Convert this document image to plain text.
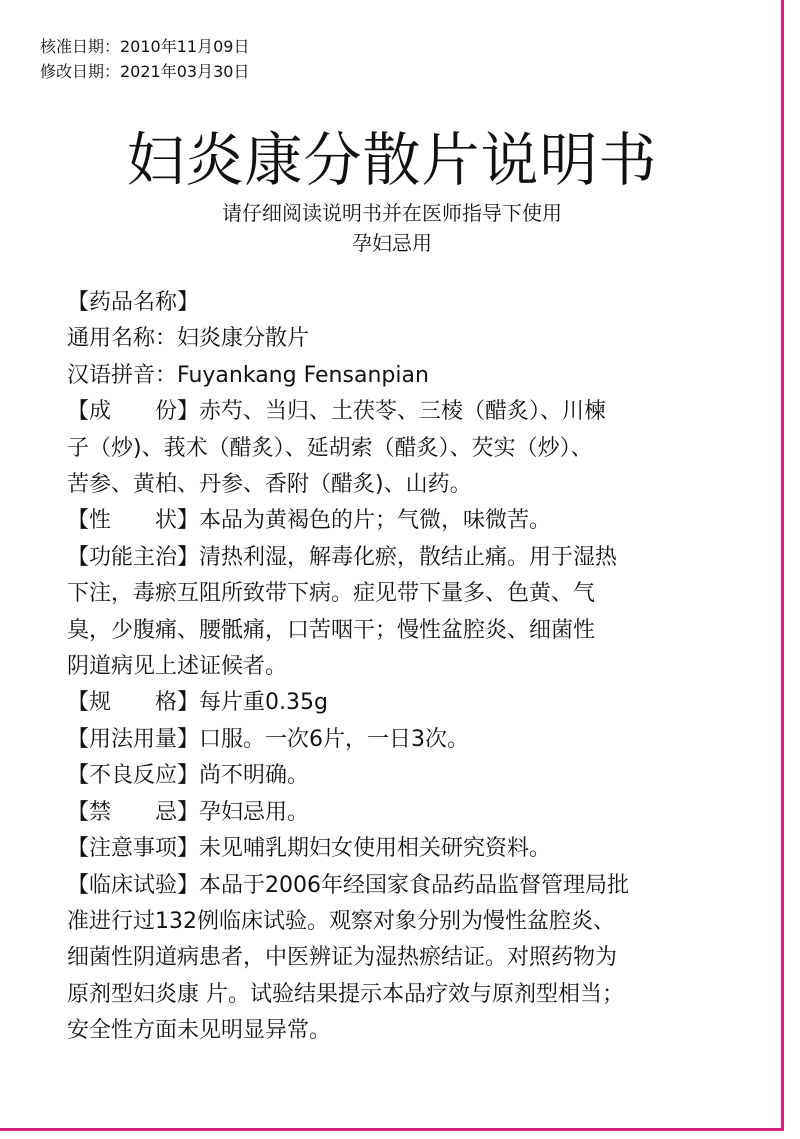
核准日期：2010年11月09日
修改日期：2021年03月30日
妇炎康分散片说明书
请仔细阅读说明书并在医师指导下使用
孕妇忌用
【药品名称】
通用名称：妇炎康分散片
汉语拼音：Fuyankang Fensanpian
【成　　份】赤芍、当归、土茯苓、三棱（醋炙）、川楝
子（炒)、莪术（醋炙）、延胡索（醋炙）、芡实（炒）、
苦参、黄柏、丹参、香附（醋炙)、山药。
【性　　状】本品为黄褐色的片；气微，味微苦。
【功能主治】清热利湿，解毒化瘀，散结止痛。用于湿热
下注，毒瘀互阻所致带下病。症见带下量多、色黄、气
臭，少腹痛、腰骶痛，口苦咽干；慢性盆腔炎、细菌性
阴道病见上述证候者。
【规　　格】每片重0.35g
【用法用量】口服。一次6片，一日3次。
【不良反应】尚不明确。
【禁　　忌】孕妇忌用。
【注意事项】未见哺乳期妇女使用相关研究资料。
【临床试验】本品于2006年经国家食品药品监督管理局批
准进行过132例临床试验。观察对象分别为慢性盆腔炎、
细菌性阴道病患者，中医辨证为湿热瘀结证。对照药物为
原剂型妇炎康 片。试验结果提示本品疗效与原剂型相当；
安全性方面未见明显异常。
